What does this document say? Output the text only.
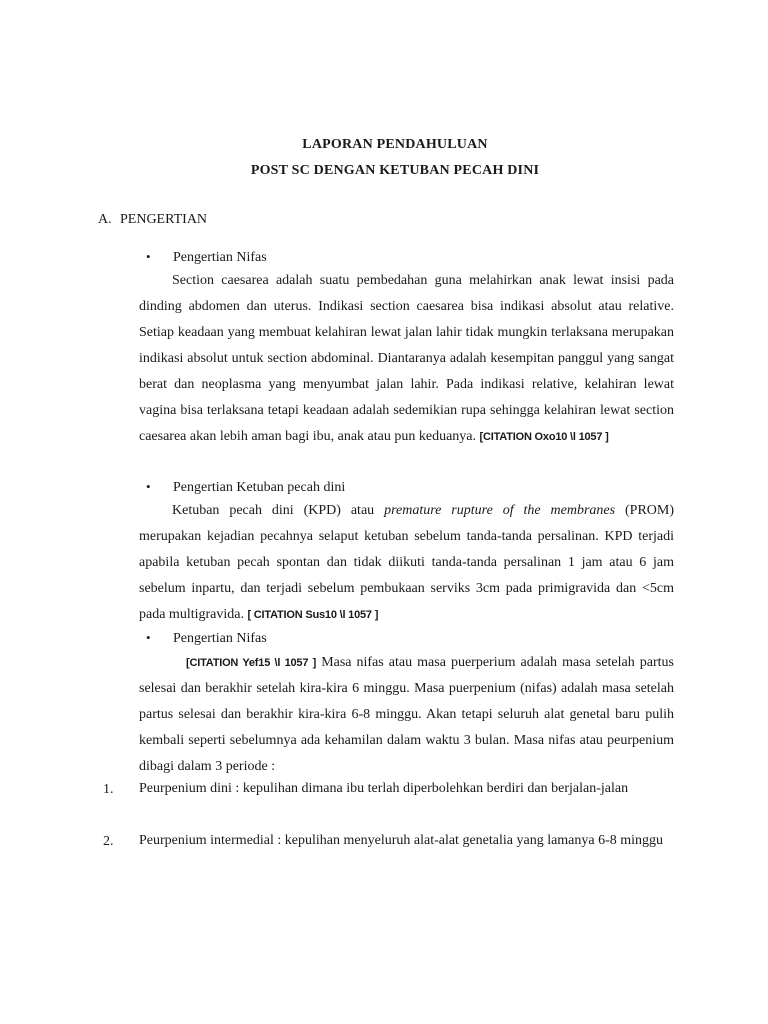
LAPORAN PENDAHULUAN
POST SC DENGAN KETUBAN PECAH DINI
A. PENGERTIAN
• Pengertian Nifas
Section caesarea adalah suatu pembedahan guna melahirkan anak lewat insisi pada dinding abdomen dan uterus. Indikasi section caesarea bisa indikasi absolut atau relative. Setiap keadaan yang membuat kelahiran lewat jalan lahir tidak mungkin terlaksana merupakan indikasi absolut untuk section abdominal. Diantaranya adalah kesempitan panggul yang sangat berat dan neoplasma yang menyumbat jalan lahir. Pada indikasi relative, kelahiran lewat vagina bisa terlaksana tetapi keadaan adalah sedemikian rupa sehingga kelahiran lewat section caesarea akan lebih aman bagi ibu, anak atau pun keduanya. [CITATION Oxo10 \l 1057 ]
• Pengertian Ketuban pecah dini
Ketuban pecah dini (KPD) atau premature rupture of the membranes (PROM) merupakan kejadian pecahnya selaput ketuban sebelum tanda-tanda persalinan. KPD terjadi apabila ketuban pecah spontan dan tidak diikuti tanda-tanda persalinan 1 jam atau 6 jam sebelum inpartu, dan terjadi sebelum pembukaan serviks 3cm pada primigravida dan <5cm pada multigravida. [ CITATION Sus10 \l 1057 ]
• Pengertian Nifas
[CITATION Yef15 \l 1057 ] Masa nifas atau masa puerperium adalah masa setelah partus selesai dan berakhir setelah kira-kira 6 minggu. Masa puerpenium (nifas) adalah masa setelah partus selesai dan berakhir kira-kira 6-8 minggu. Akan tetapi seluruh alat genetal baru pulih kembali seperti sebelumnya ada kehamilan dalam waktu 3 bulan. Masa nifas atau peurpenium dibagi dalam 3 periode :
1. Peurpenium dini : kepulihan dimana ibu terlah diperbolehkan berdiri dan berjalan-jalan
2. Peurpenium intermedial : kepulihan menyeluruh alat-alat genetalia yang lamanya 6-8 minggu
